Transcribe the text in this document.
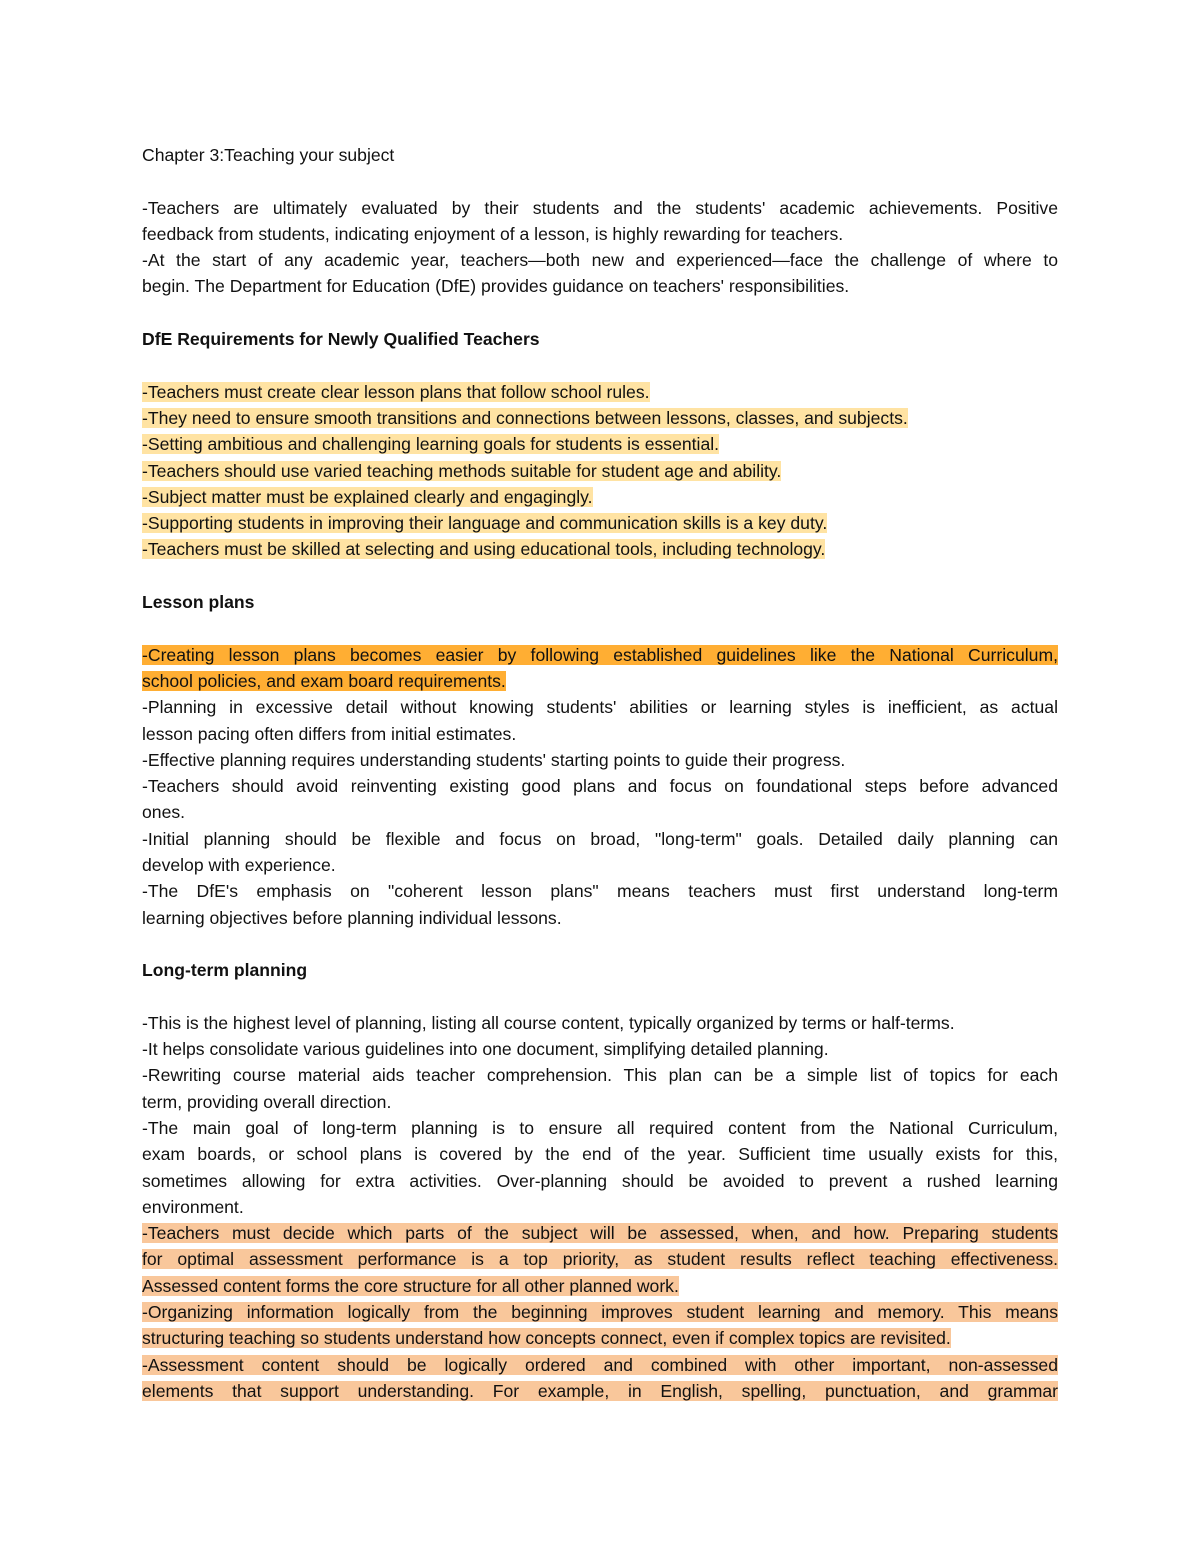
Chapter 3:Teaching your subject
-Teachers are ultimately evaluated by their students and the students' academic achievements. Positive
feedback from students, indicating enjoyment of a lesson, is highly rewarding for teachers.
-At the start of any academic year, teachers—both new and experienced—face the challenge of where to
begin. The Department for Education (DfE) provides guidance on teachers' responsibilities.
DfE Requirements for Newly Qualified Teachers
-Teachers must create clear lesson plans that follow school rules.
-They need to ensure smooth transitions and connections between lessons, classes, and subjects.
-Setting ambitious and challenging learning goals for students is essential.
-Teachers should use varied teaching methods suitable for student age and ability.
-Subject matter must be explained clearly and engagingly.
-Supporting students in improving their language and communication skills is a key duty.
-Teachers must be skilled at selecting and using educational tools, including technology.
Lesson plans
-Creating lesson plans becomes easier by following established guidelines like the National Curriculum,
school policies, and exam board requirements.
-Planning in excessive detail without knowing students' abilities or learning styles is inefficient, as actual
lesson pacing often differs from initial estimates.
-Effective planning requires understanding students' starting points to guide their progress.
-Teachers should avoid reinventing existing good plans and focus on foundational steps before advanced
ones.
-Initial planning should be flexible and focus on broad, "long-term" goals. Detailed daily planning can
develop with experience.
-The DfE's emphasis on "coherent lesson plans" means teachers must first understand long-term
learning objectives before planning individual lessons.
Long-term planning
-This is the highest level of planning, listing all course content, typically organized by terms or half-terms.
-It helps consolidate various guidelines into one document, simplifying detailed planning.
-Rewriting course material aids teacher comprehension. This plan can be a simple list of topics for each
term, providing overall direction.
-The main goal of long-term planning is to ensure all required content from the National Curriculum,
exam boards, or school plans is covered by the end of the year. Sufficient time usually exists for this,
sometimes allowing for extra activities. Over-planning should be avoided to prevent a rushed learning
environment.
-Teachers must decide which parts of the subject will be assessed, when, and how. Preparing students
for optimal assessment performance is a top priority, as student results reflect teaching effectiveness.
Assessed content forms the core structure for all other planned work.
-Organizing information logically from the beginning improves student learning and memory. This means
structuring teaching so students understand how concepts connect, even if complex topics are revisited.
-Assessment content should be logically ordered and combined with other important, non-assessed
elements that support understanding. For example, in English, spelling, punctuation, and grammar
